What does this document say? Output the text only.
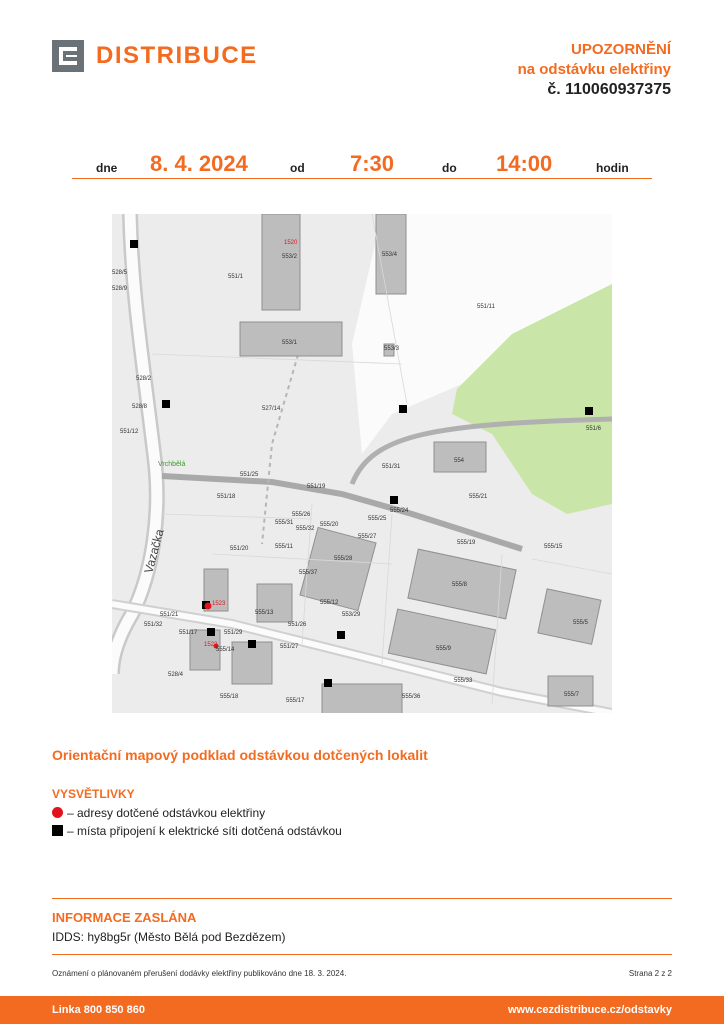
DISTRIBUCE	UPOZORNĚNÍ
na odstávku elektřiny
č. 110060937375
dne 8. 4. 2024	od 7:30	do 14:00	hodin
528/5
528/9
551/1
553/2	553/4
551/11
553/1
553/3
528/2
528/8
551/12
527/14
551/6
554
551/31
551/25
551/19
551/18
555/26
555/24
555/25
555/31
555/32
555/20
555/27
555/21
555/19
555/15
551/20	555/11
555/28
555/37
555/8
551/21
551/32
555/13
555/12
553/29
555/5
551/17	551/29
551/26
555/14	551/27	555/9
528/4
555/33
555/18
555/17
555/36	555/7
1520
1523
1522
Vrchbělá
Vazačka
Orientační mapový podklad odstávkou dotčených lokalit
VYSVĚTLIVKY
– adresy dotčené odstávkou elektřiny
– místa připojení k elektrické síti dotčená odstávkou
INFORMACE ZASLÁNA
IDDS: hy8bg5r (Město Bělá pod Bezdězem)
Oznámení o plánovaném přerušení dodávky elektřiny publikováno dne 18. 3. 2024.	Strana 2 z 2
Linka 800 850 860	www.cezdistribuce.cz/odstavky
